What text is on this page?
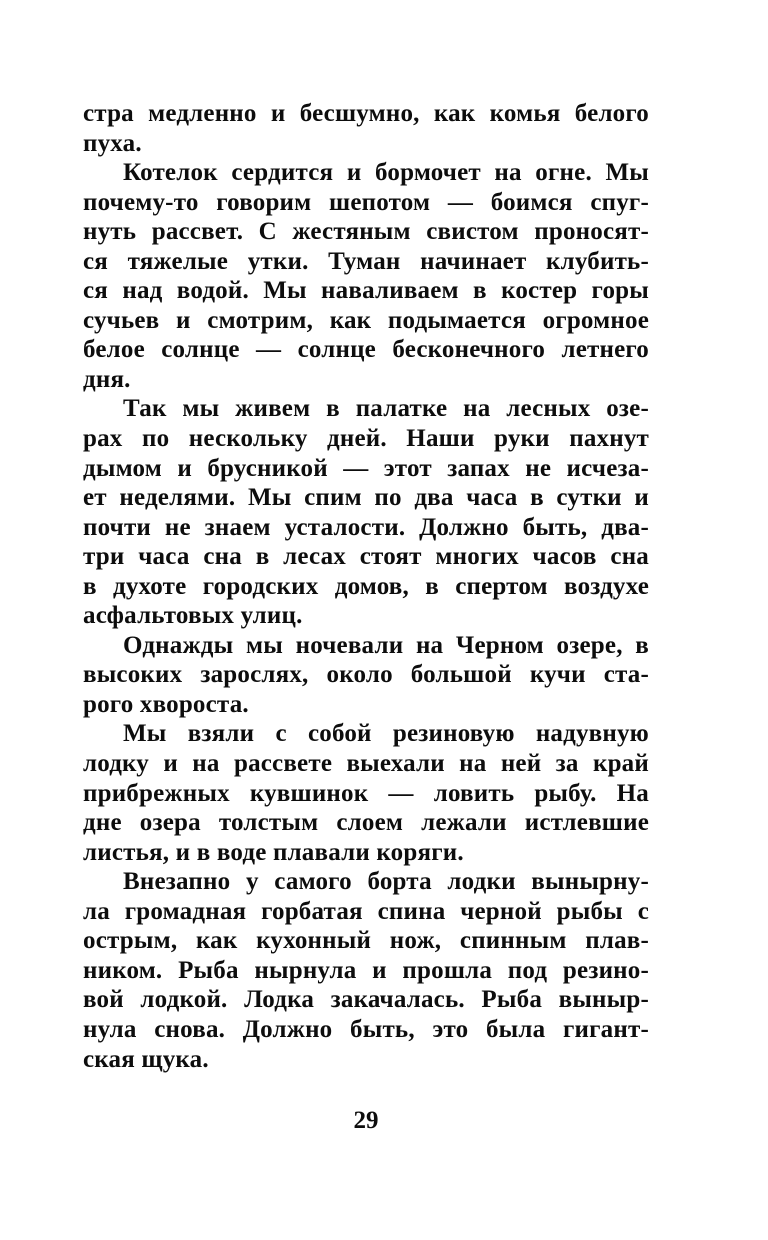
стра медленно и бесшумно, как комья белого
пуха.
Котелок сердится и бормочет на огне. Мы
почему-то говорим шепотом — боимся спуг-
нуть рассвет. С жестяным свистом проносят-
ся тяжелые утки. Туман начинает клубить-
ся над водой. Мы наваливаем в костер горы
сучьев и смотрим, как подымается огромное
белое солнце — солнце бесконечного летнего
дня.
Так мы живем в палатке на лесных озе-
рах по нескольку дней. Наши руки пахнут
дымом и брусникой — этот запах не исчеза-
ет неделями. Мы спим по два часа в сутки и
почти не знаем усталости. Должно быть, два-
три часа сна в лесах стоят многих часов сна
в духоте городских домов, в спертом воздухе
асфальтовых улиц.
Однажды мы ночевали на Черном озере, в
высоких зарослях, около большой кучи ста-
рого хвороста.
Мы взяли с собой резиновую надувную
лодку и на рассвете выехали на ней за край
прибрежных кувшинок — ловить рыбу. На
дне озера толстым слоем лежали истлевшие
листья, и в воде плавали коряги.
Внезапно у самого борта лодки вынырну-
ла громадная горбатая спина черной рыбы с
острым, как кухонный нож, спинным плав-
ником. Рыба нырнула и прошла под резино-
вой лодкой. Лодка закачалась. Рыба выныр-
нула снова. Должно быть, это была гигант-
ская щука.
29
